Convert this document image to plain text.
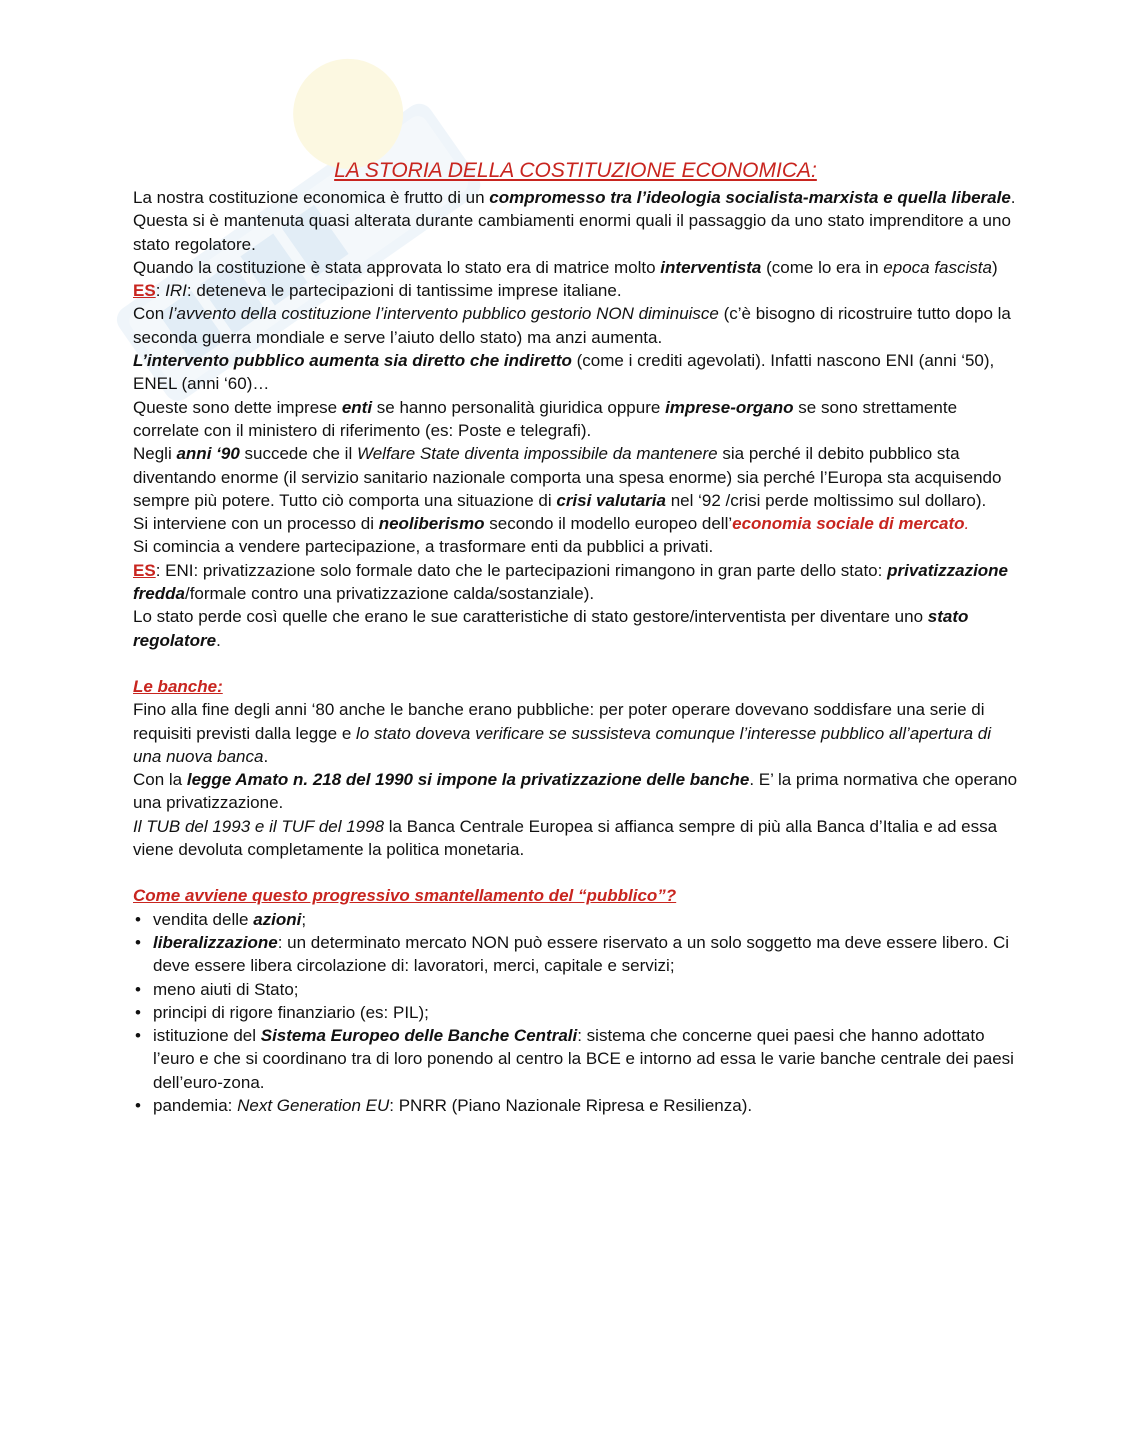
LA STORIA DELLA COSTITUZIONE ECONOMICA:

La nostra costituzione economica è frutto di un compromesso tra l’ideologia socialista-marxista e quella liberale.

Questa si è mantenuta quasi alterata durante cambiamenti enormi quali il passaggio da uno stato imprenditore a uno stato regolatore.

Quando la costituzione è stata approvata lo stato era di matrice molto interventista (come lo era in epoca fascista)

ES: IRI: deteneva le partecipazioni di tantissime imprese italiane.

Con l’avvento della costituzione l’intervento pubblico gestorio NON diminuisce (c’è bisogno di ricostruire tutto dopo la seconda guerra mondiale e serve l’aiuto dello stato) ma anzi aumenta.

L’intervento pubblico aumenta sia diretto che indiretto (come i crediti agevolati). Infatti nascono ENI (anni ‘50), ENEL (anni ‘60)…

Queste sono dette imprese enti se hanno personalità giuridica oppure imprese-organo se sono strettamente correlate con il ministero di riferimento (es: Poste e telegrafi).

Negli anni ‘90 succede che il Welfare State diventa impossibile da mantenere sia perché il debito pubblico sta diventando enorme (il servizio sanitario nazionale comporta una spesa enorme) sia perché l’Europa sta acquisendo sempre più potere. Tutto ciò comporta una situazione di crisi valutaria nel ‘92 /crisi perde moltissimo sul dollaro).

Si interviene con un processo di neoliberismo secondo il modello europeo dell’economia sociale di mercato.

Si comincia a vendere partecipazione, a trasformare enti da pubblici a privati.

ES: ENI: privatizzazione solo formale dato che le partecipazioni rimangono in gran parte dello stato: privatizzazione fredda/formale contro una privatizzazione calda/sostanziale).

Lo stato perde così quelle che erano le sue caratteristiche di stato gestore/interventista per diventare uno stato regolatore.

Le banche:

Fino alla fine degli anni ‘80 anche le banche erano pubbliche: per poter operare dovevano soddisfare una serie di requisiti previsti dalla legge e lo stato doveva verificare se sussisteva comunque l’interesse pubblico all’apertura di una nuova banca.

Con la legge Amato n. 218 del 1990 si impone la privatizzazione delle banche. E’ la prima normativa che operano una privatizzazione.

Il TUB del 1993 e il TUF del 1998 la Banca Centrale Europea si affianca sempre di più alla Banca d’Italia e ad essa viene devoluta completamente la politica monetaria.

Come avviene questo progressivo smantellamento del “pubblico”?

• vendita delle azioni;
• liberalizzazione: un determinato mercato NON può essere riservato a un solo soggetto ma deve essere libero. Ci deve essere libera circolazione di: lavoratori, merci, capitale e servizi;
• meno aiuti di Stato;
• principi di rigore finanziario (es: PIL);
• istituzione del Sistema Europeo delle Banche Centrali: sistema che concerne quei paesi che hanno adottato l’euro e che si coordinano tra di loro ponendo al centro la BCE e intorno ad essa le varie banche centrale dei paesi dell’euro-zona.
• pandemia: Next Generation EU: PNRR (Piano Nazionale Ripresa e Resilienza).
